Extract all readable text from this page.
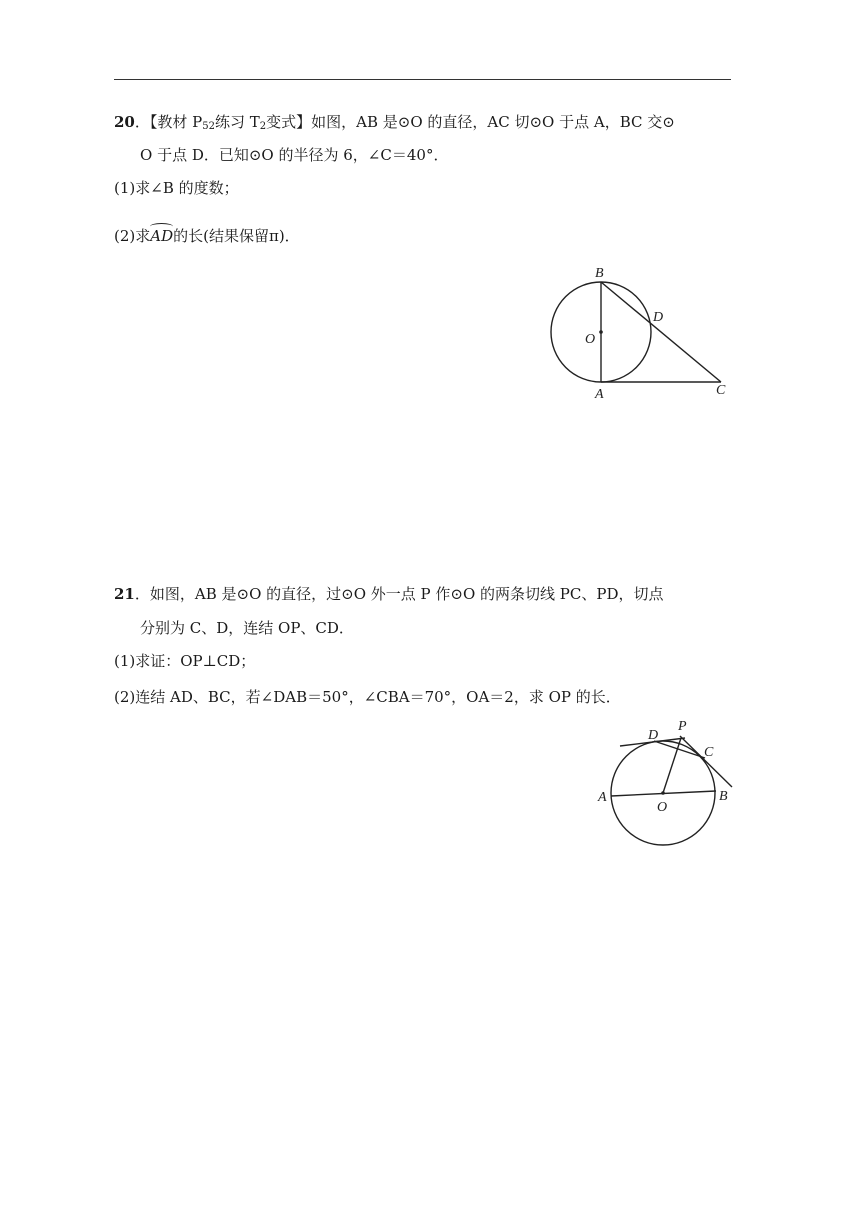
20．【教材 $P_{52}$练习 $T_2$变式】如图，AB 是⊙O 的直径，AC 切⊙O 于点 A，BC 交⊙
O 于点 D．已知⊙O 的半径为 6，∠C＝40°．
(1)求∠B 的度数；
(2)求
AD的长(结果保留π)．
B
D
O
A	C
21．如图，AB 是⊙O 的直径，过⊙O 外一点 P 作⊙O 的两条切线 PC、PD，切点
分别为 C、D，连结 OP、CD．
(1)求证：OP⊥CD；
(2)连结 AD、BC，若∠DAB＝50°，∠CBA＝70°，OA＝2，求 OP 的长．
P
D
C
A
O
B
